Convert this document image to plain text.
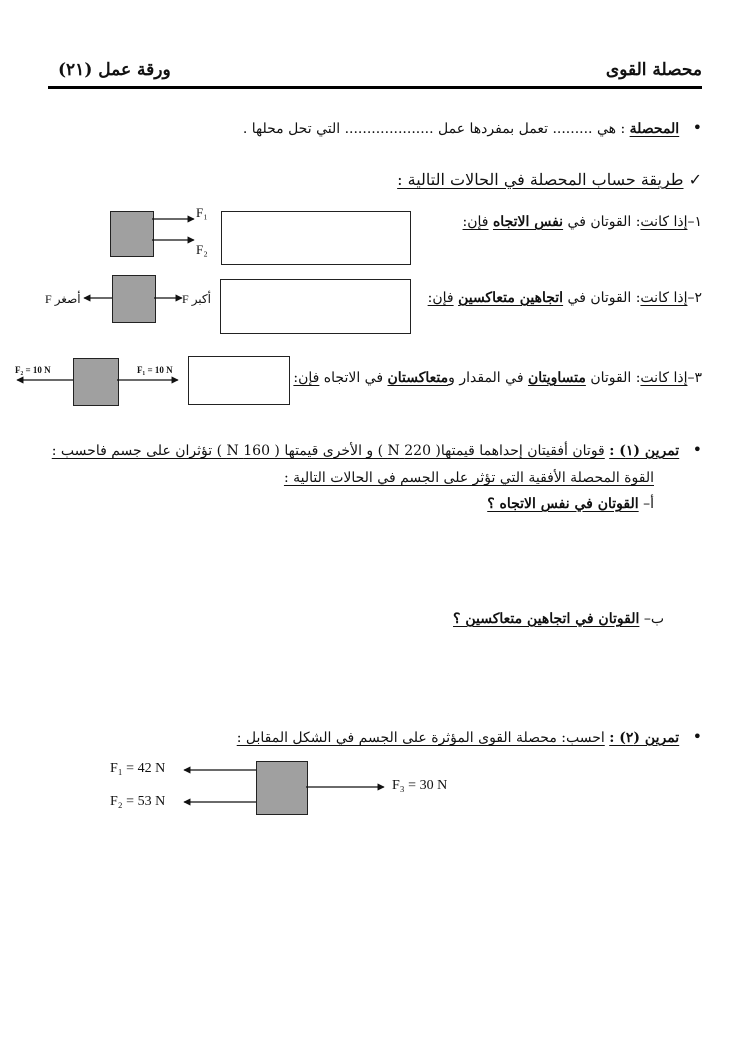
محصلة القوى
ورقة عمل (٢١)
•   المحصلة : هي ......... تعمل بمفردها عمل .................... التي تحل محلها .
✓ طريقة حساب المحصلة في الحالات التالية :
١–إذا كانت: القوتان في نفس الاتجاه فإن:
F₁
F₂
٢–إذا كانت: القوتان في اتجاهين متعاكسين فإن:
F أصغر	F أكبر
٣–إذا كانت: القوتان متساويتان في المقدار ومتعاكستان في الاتجاه فإن:
F₂ = 10 N	F₁ = 10 N
•   تمرين (١) : قوتان أفقيتان إحداهما قيمتها( 220 N ) و الأخرى قيمتها ( 160 N ) تؤثران على جسم فاحسب :
القوة المحصلة الأفقية التي تؤثر على الجسم في الحالات التالية :
أ– القوتان في نفس الاتجاه ؟
ب– القوتان في اتجاهين متعاكسين ؟
•   تمرين (٢) : احسب: محصلة القوى المؤثرة على الجسم في الشكل المقابل :
F₁ = 42 N
F₂ = 53 N
F₃ = 30 N
